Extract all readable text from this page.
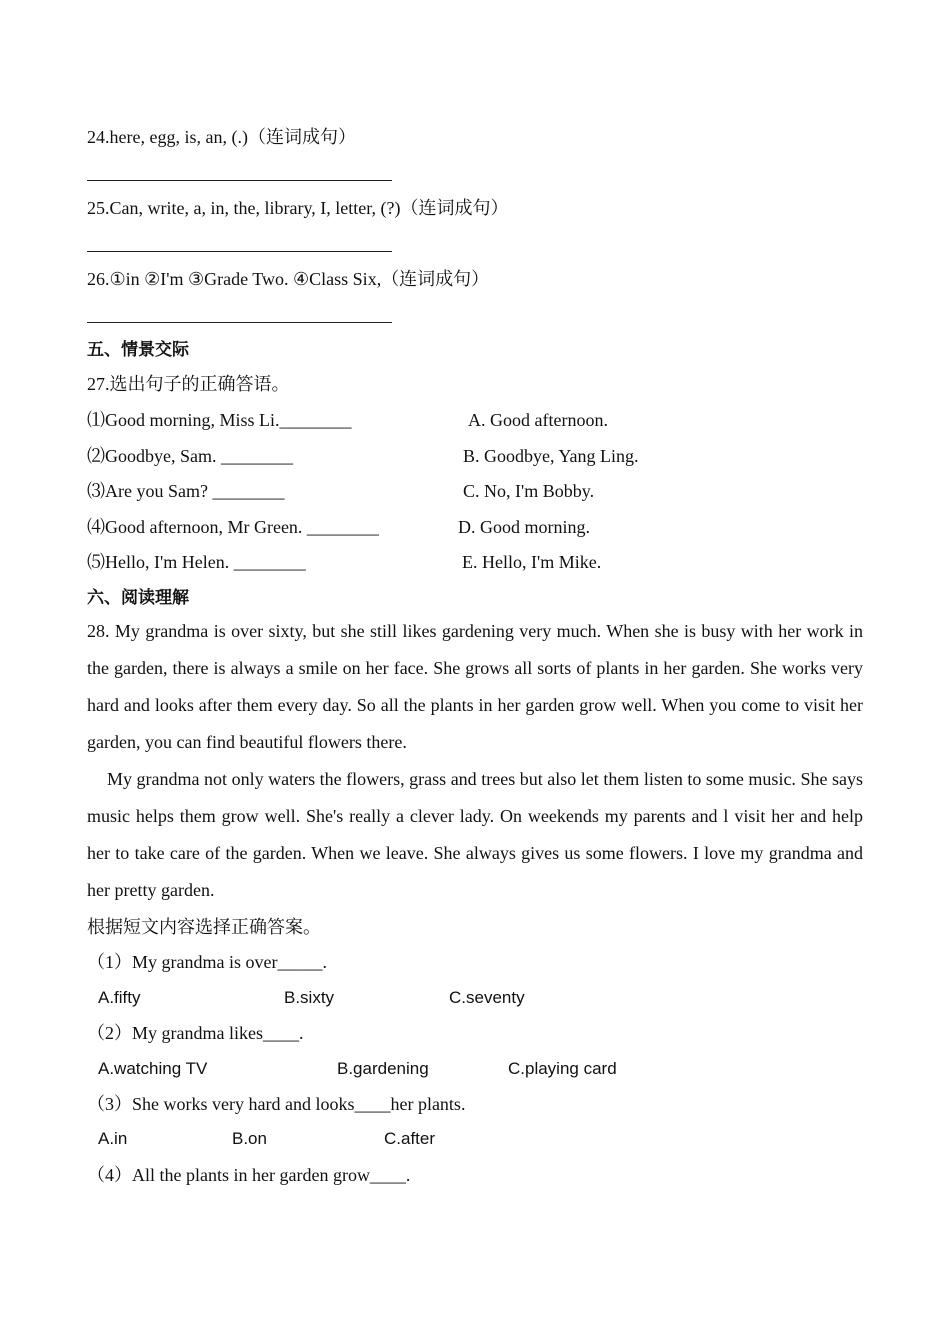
24.here, egg, is, an, (.)（连词成句）
25.Can, write, a, in, the, library, I, letter, (?)（连词成句）
26.①in ②I'm ③Grade Two. ④Class Six,（连词成句）
五、情景交际
27.选出句子的正确答语。
⑴Good morning, Miss Li.________	A. Good afternoon.
⑵Goodbye, Sam. ________	B. Goodbye, Yang Ling.
⑶Are you Sam? ________	C. No, I'm Bobby.
⑷Good afternoon, Mr Green. ________	D. Good morning.
⑸Hello, I'm Helen. ________	E. Hello, I'm Mike.
六、阅读理解
28. My grandma is over sixty, but she still likes gardening very much. When she is busy with her work in the garden, there is always a smile on her face. She grows all sorts of plants in her garden. She works very hard and looks after them every day. So all the plants in her garden grow well. When you come to visit her garden, you can find beautiful flowers there.
My grandma not only waters the flowers, grass and trees but also let them listen to some music. She says music helps them grow well. She's really a clever lady. On weekends my parents and l visit her and help her to take care of the garden. When we leave. She always gives us some flowers. I love my grandma and her pretty garden.
根据短文内容选择正确答案。
（1）My grandma is over_____.
A.fifty	B.sixty	C.seventy
（2）My grandma likes____.
A.watching TV	B.gardening	C.playing card
（3）She works very hard and looks____her plants.
A.in	B.on	C.after
（4）All the plants in her garden grow____.
